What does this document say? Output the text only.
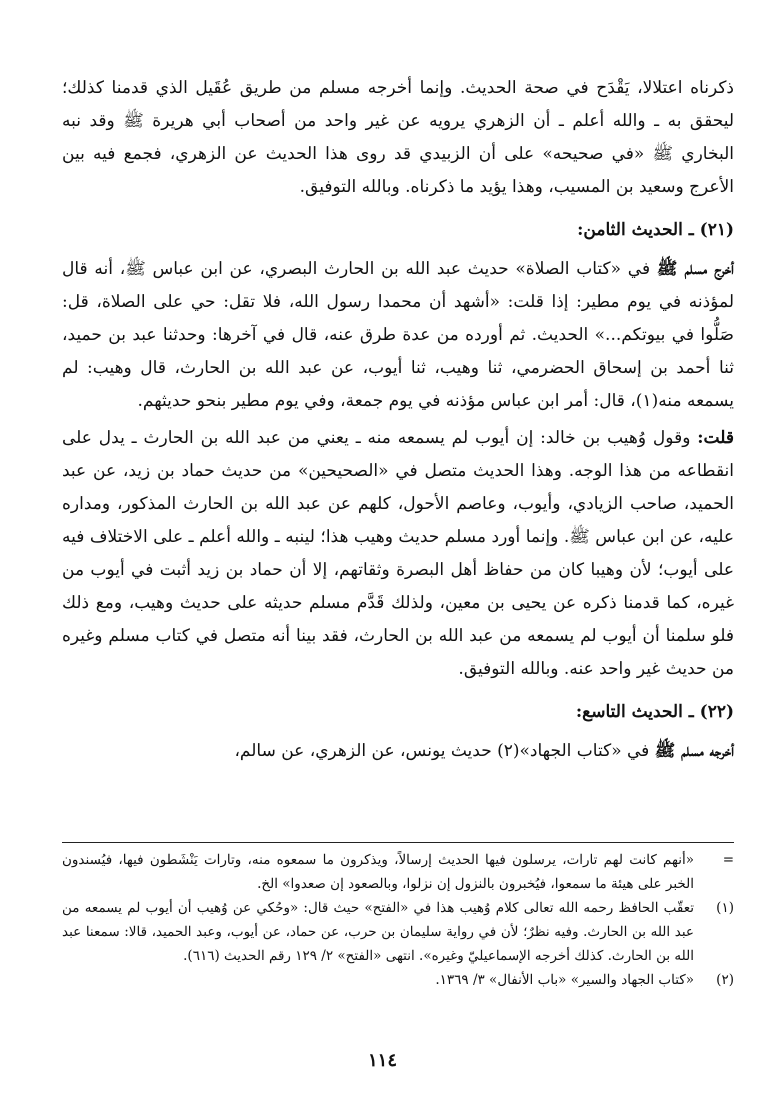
ذكرناه اعتلالا، يَقْدَح في صحة الحديث. وإنما أخرجه مسلم من طريق عُقَيل الذي قدمنا كذلك؛ ليحقق به ـ والله أعلم ـ أن الزهري يرويه عن غير واحد من أصحاب أبي هريرة ﷺ وقد نبه البخاري ﷺ «في صحيحه» على أن الزبيدي قد روى هذا الحديث عن الزهري، فجمع فيه بين الأعرج وسعيد بن المسيب، وهذا يؤيد ما ذكرناه. وبالله التوفيق.

(٢١) ـ الحديث الثامن:

أخرج مسلم ﷺ في «كتاب الصلاة» حديث عبد الله بن الحارث البصري، عن ابن عباس ﷺ، أنه قال لمؤذنه في يوم مطير: إذا قلت: «أشهد أن محمدا رسول الله، فلا تقل: حي على الصلاة، قل: صَلُّوا في بيوتكم...» الحديث. ثم أورده من عدة طرق عنه، قال في آخرها: وحدثنا عبد بن حميد، ثنا أحمد بن إسحاق الحضرمي، ثنا وهيب، ثنا أيوب، عن عبد الله بن الحارث، قال وهيب: لم يسمعه منه(١)، قال: أمر ابن عباس مؤذنه في يوم جمعة، وفي يوم مطير بنحو حديثهم.

قلت: وقول وُهيب بن خالد: إن أيوب لم يسمعه منه ـ يعني من عبد الله بن الحارث ـ يدل على انقطاعه من هذا الوجه. وهذا الحديث متصل في «الصحيحين» من حديث حماد بن زيد، عن عبد الحميد، صاحب الزيادي، وأيوب، وعاصم الأحول، كلهم عن عبد الله بن الحارث المذكور، ومداره عليه، عن ابن عباس ﷺ. وإنما أورد مسلم حديث وهيب هذا؛ لينبه ـ والله أعلم ـ على الاختلاف فيه على أيوب؛ لأن وهيبا كان من حفاظ أهل البصرة وثقاتهم، إلا أن حماد بن زيد أثبت في أيوب من غيره، كما قدمنا ذكره عن يحيى بن معين، ولذلك قَدَّم مسلم حديثه على حديث وهيب، ومع ذلك فلو سلمنا أن أيوب لم يسمعه من عبد الله بن الحارث، فقد بينا أنه متصل في كتاب مسلم وغيره من حديث غير واحد عنه. وبالله التوفيق.

(٢٢) ـ الحديث التاسع:

أخرجه مسلم ﷺ في «كتاب الجهاد»(٢) حديث يونس، عن الزهري، عن سالم،

=
«أنهم كانت لهم تارات، يرسلون فيها الحديث إرسالاً، ويذكرون ما سمعوه منه، وتارات يَنْشَطون فيها، فيُسندون الخبر على هيئة ما سمعوا، فيُخبرون بالنزول إن نزلوا، وبالصعود إن صعدوا» الخ.
(١)
تعقّب الحافظ رحمه الله تعالى كلام وُهيب هذا في «الفتح» حيث قال: «وحُكي عن وُهيب أن أيوب لم يسمعه من عبد الله بن الحارث. وفيه نظرٌ؛ لأن في رواية سليمان بن حرب، عن حماد، عن أيوب، وعبد الحميد، قالا: سمعنا عبد الله بن الحارث. كذلك أخرجه الإسماعيليّ وغيره». انتهى «الفتح» ٢/ ١٢٩ رقم الحديث (٦١٦).
(٢)
«كتاب الجهاد والسير» «باب الأنفال» ٣/ ١٣٦٩.
١١٤
